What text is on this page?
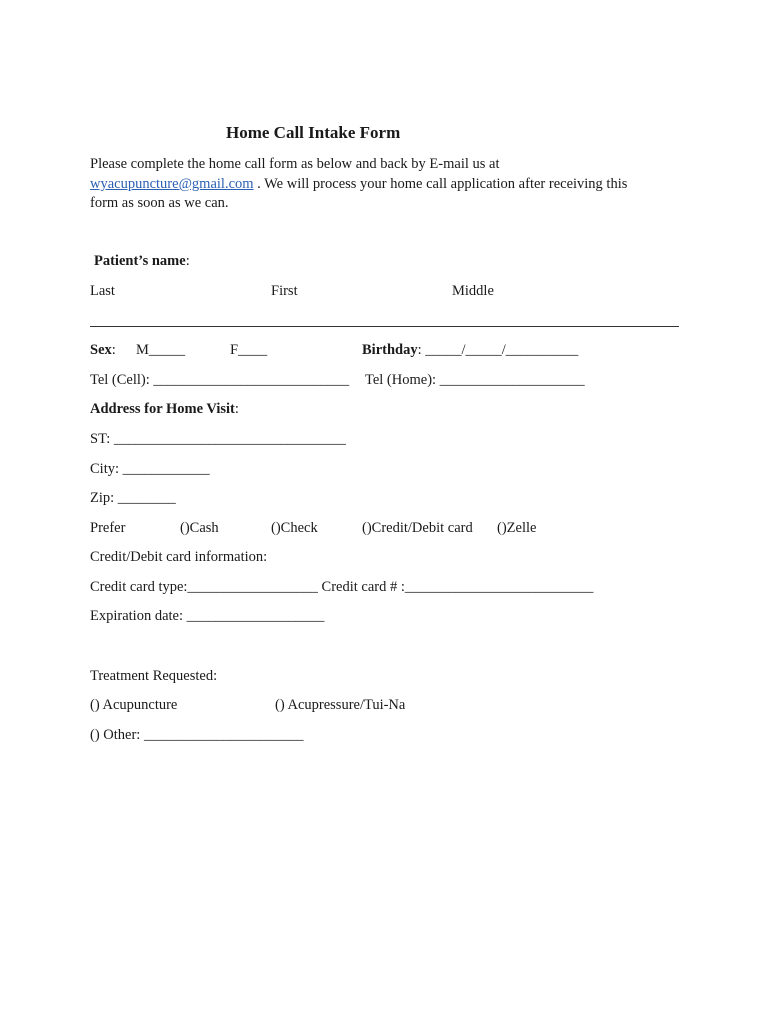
Home Call Intake Form
Please complete the home call form as below and back by E-mail us at
wyacupuncture@gmail.com . We will process your home call application after receiving this
form as soon as we can.
Patient’s name:
Last	First	Middle
Sex: M_____	F____	Birthday: _____/_____/__________
Tel (Cell): ___________________________ Tel (Home): ____________________
Address for Home Visit:
ST: ________________________________
City: ____________
Zip: ________
Prefer	()Cash	()Check	()Credit/Debit card ()Zelle
Credit/Debit card information:
Credit card type:__________________ Credit card # :__________________________
Expiration date: ___________________
Treatment Requested:
() Acupuncture	() Acupressure/Tui-Na
() Other: ______________________
